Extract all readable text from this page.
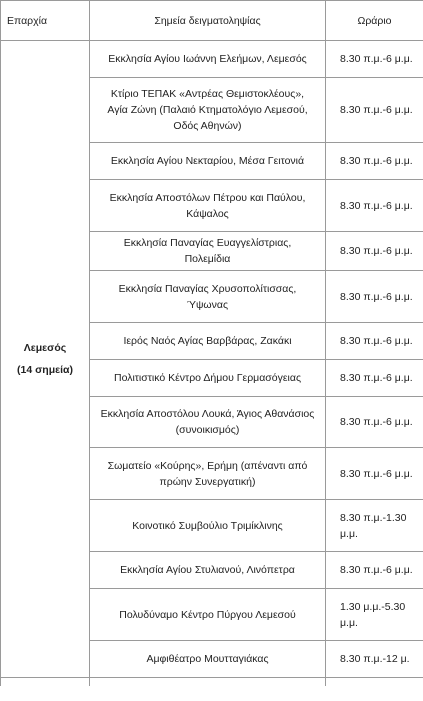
Επαρχία	Σημεία δειγματοληψίας	Ωράριο

Λεμεσός
(14 σημεία)	Εκκλησία Αγίου Ιωάννη Ελεήμων, Λεμεσός	8.30 π.μ.-6 μ.μ.
	Κτίριο ΤΕΠΑΚ «Αντρέας Θεμιστοκλέους», Αγία Ζώνη (Παλαιό Κτηματολόγιο Λεμεσού, Οδός Αθηνών)	8.30 π.μ.-6 μ.μ.
	Εκκλησία Αγίου Νεκταρίου, Μέσα Γειτονιά	8.30 π.μ.-6 μ.μ.
	Εκκλησία Αποστόλων Πέτρου και Παύλου, Κάψαλος	8.30 π.μ.-6 μ.μ.
	Εκκλησία Παναγίας Ευαγγελίστριας, Πολεμίδια	8.30 π.μ.-6 μ.μ.
	Εκκλησία Παναγίας Χρυσοπολίτισσας, Ύψωνας	8.30 π.μ.-6 μ.μ.
	Ιερός Ναός Αγίας Βαρβάρας, Ζακάκι	8.30 π.μ.-6 μ.μ.
	Πολιτιστικό Κέντρο Δήμου Γερμασόγειας	8.30 π.μ.-6 μ.μ.
	Εκκλησία Αποστόλου Λουκά, Άγιος Αθανάσιος (συνοικισμός)	8.30 π.μ.-6 μ.μ.
	Σωματείο «Κούρης», Ερήμη (απέναντι από πρώην Συνεργατική)	8.30 π.μ.-6 μ.μ.
	Κοινοτικό Συμβούλιο Τριμίκλινης	8.30 π.μ.-1.30 μ.μ.
	Εκκλησία Αγίου Στυλιανού, Λινόπετρα	8.30 π.μ.-6 μ.μ.
	Πολυδύναμο Κέντρο Πύργου Λεμεσού	1.30 μ.μ.-5.30 μ.μ.
	Αμφιθέατρο Μουτταγιάκας	8.30 π.μ.-12 μ.
